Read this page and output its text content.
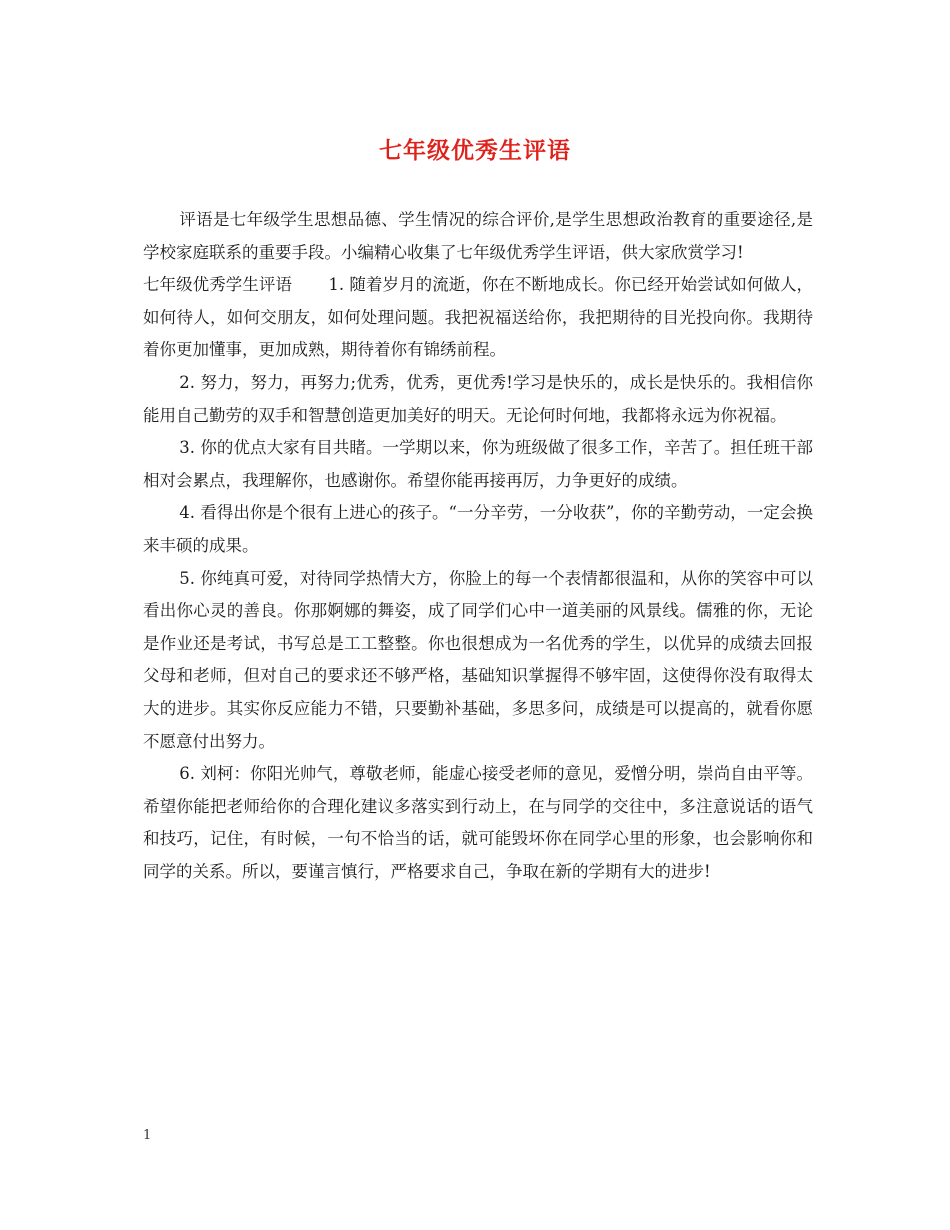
七年级优秀生评语

评语是七年级学生思想品德、学生情况的综合评价,是学生思想政治教育的重要途径,是学校家庭联系的重要手段。小编精心收集了七年级优秀学生评语，供大家欣赏学习!

七年级优秀学生评语 1. 随着岁月的流逝，你在不断地成长。你已经开始尝试如何做人，如何待人，如何交朋友，如何处理问题。我把祝福送给你，我把期待的目光投向你。我期待着你更加懂事，更加成熟，期待着你有锦绣前程。

2. 努力，努力，再努力;优秀，优秀，更优秀!学习是快乐的，成长是快乐的。我相信你能用自己勤劳的双手和智慧创造更加美好的明天。无论何时何地，我都将永远为你祝福。

3. 你的优点大家有目共睹。一学期以来，你为班级做了很多工作，辛苦了。担任班干部相对会累点，我理解你，也感谢你。希望你能再接再厉，力争更好的成绩。

4. 看得出你是个很有上进心的孩子。“一分辛劳，一分收获”，你的辛勤劳动，一定会换来丰硕的成果。

5. 你纯真可爱，对待同学热情大方，你脸上的每一个表情都很温和，从你的笑容中可以看出你心灵的善良。你那婀娜的舞姿，成了同学们心中一道美丽的风景线。儒雅的你，无论是作业还是考试，书写总是工工整整。你也很想成为一名优秀的学生，以优异的成绩去回报父母和老师，但对自己的要求还不够严格，基础知识掌握得不够牢固，这使得你没有取得太大的进步。其实你反应能力不错，只要勤补基础，多思多问，成绩是可以提高的，就看你愿不愿意付出努力。

6. 刘柯：你阳光帅气，尊敬老师，能虚心接受老师的意见，爱憎分明，崇尚自由平等。希望你能把老师给你的合理化建议多落实到行动上，在与同学的交往中，多注意说话的语气和技巧，记住，有时候，一句不恰当的话，就可能毁坏你在同学心里的形象，也会影响你和同学的关系。所以，要谨言慎行，严格要求自己，争取在新的学期有大的进步!

1
